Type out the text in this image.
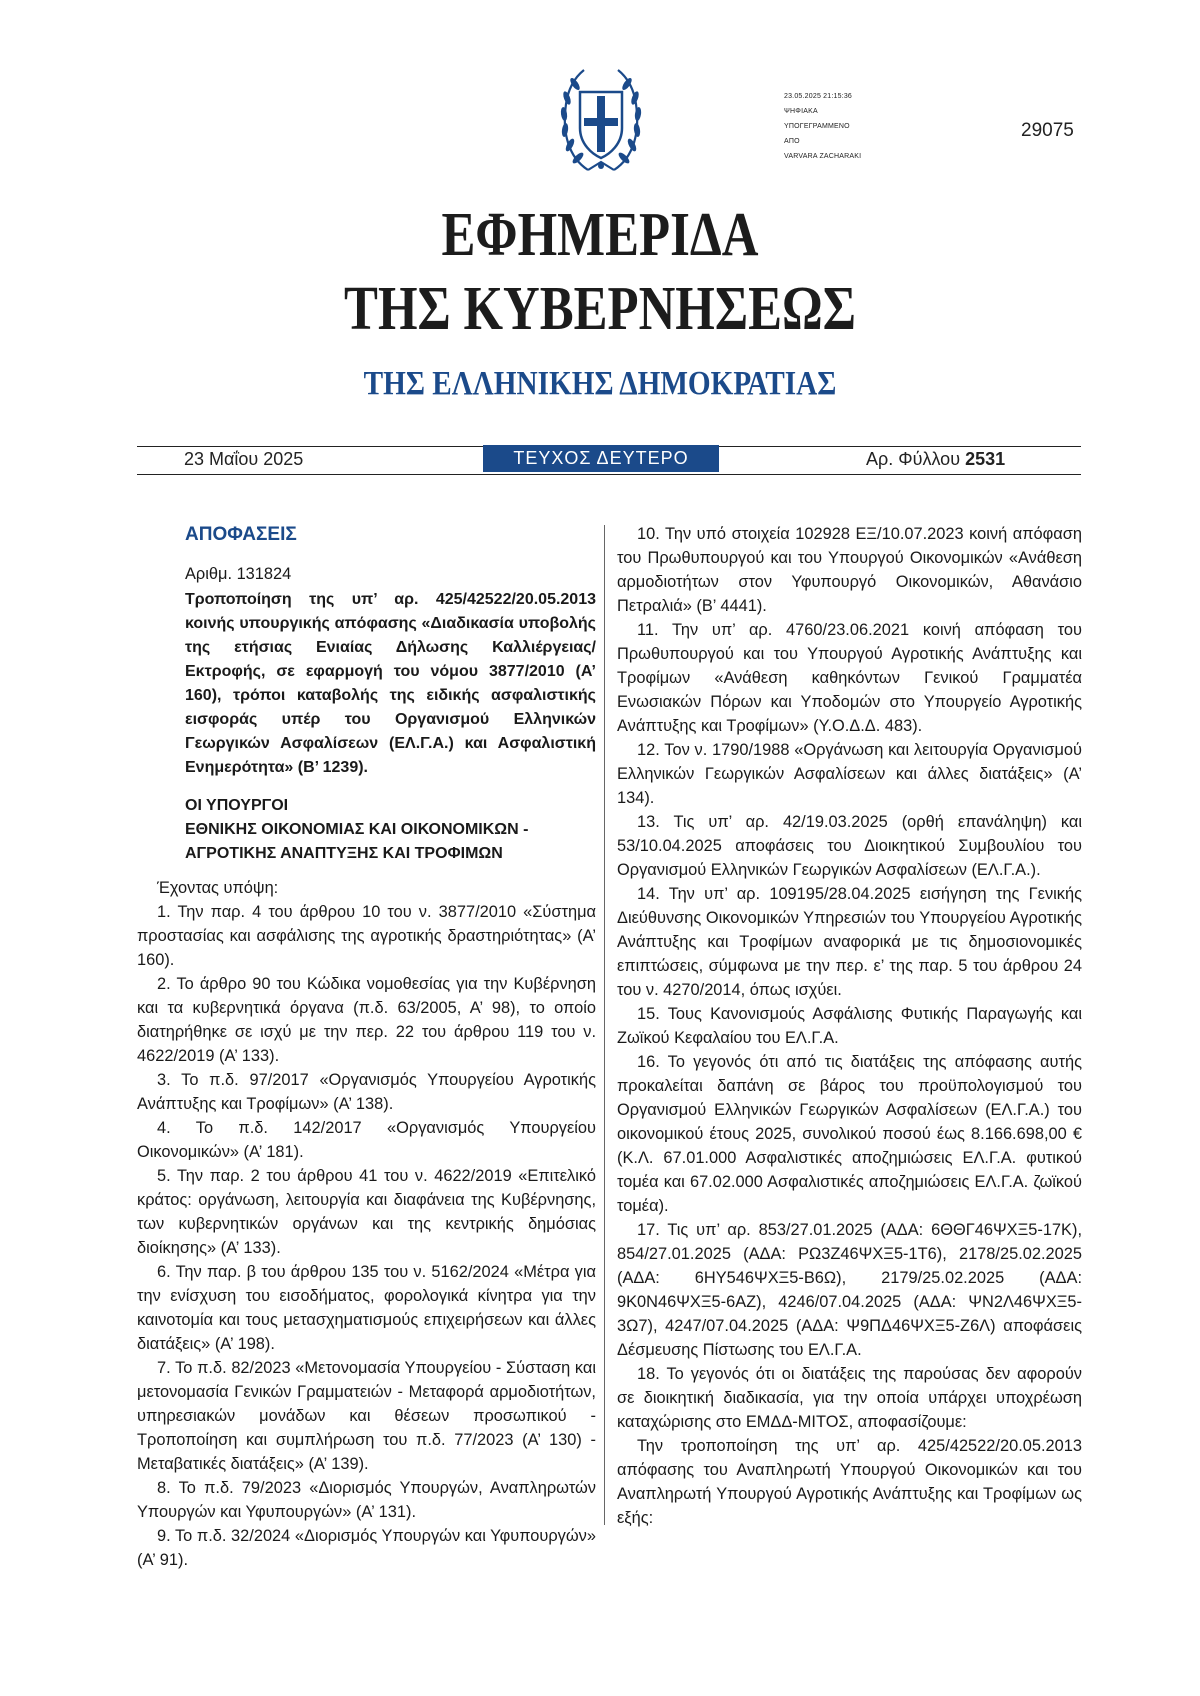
23.05.2025 21:15:36
ΨΗΦΙΑΚΑ
ΥΠΟΓΕΓΡΑΜΜΕΝΟ
ΑΠΟ
VARVARA ZACHARAKI
29075
ΕΦΗΜΕΡΙΔΑ
ΤΗΣ ΚΥΒΕΡΝΗΣΕΩΣ
ΤΗΣ ΕΛΛΗΝΙΚΗΣ ΔΗΜΟΚΡΑΤΙΑΣ
23 Μαΐου 2025	ΤΕΥΧΟΣ ΔΕΥΤΕΡΟ	Αρ. Φύλλου 2531
ΑΠΟΦΑΣΕΙΣ
Αριθμ. 131824
Τροποποίηση της υπ’ αρ. 425/42522/20.05.2013 κοινής υπουργικής απόφασης «Διαδικασία υποβολής της ετήσιας Ενιαίας Δήλωσης Καλλιέργειας/Εκτροφής, σε εφαρμογή του νόμου 3877/2010 (Α’ 160), τρόποι καταβολής της ειδικής ασφαλιστικής εισφοράς υπέρ του Οργανισμού Ελληνικών Γεωργικών Ασφαλίσεων (ΕΛ.Γ.Α.) και Ασφαλιστική Ενημερότητα» (Β’ 1239).
ΟΙ ΥΠΟΥΡΓΟΙ
ΕΘΝΙΚΗΣ ΟΙΚΟΝΟΜΙΑΣ ΚΑΙ ΟΙΚΟΝΟΜΙΚΩΝ -
ΑΓΡΟΤΙΚΗΣ ΑΝΑΠΤΥΞΗΣ ΚΑΙ ΤΡΟΦΙΜΩΝ

Έχοντας υπόψη:

1. Την παρ. 4 του άρθρου 10 του ν. 3877/2010 «Σύστημα προστασίας και ασφάλισης της αγροτικής δραστηριότητας» (Α’ 160).

2. Το άρθρο 90 του Κώδικα νομοθεσίας για την Κυβέρνηση και τα κυβερνητικά όργανα (π.δ. 63/2005, Α’ 98), το οποίο διατηρήθηκε σε ισχύ με την περ. 22 του άρθρου 119 του ν. 4622/2019 (Α’ 133).

3. Το π.δ. 97/2017 «Οργανισμός Υπουργείου Αγροτικής Ανάπτυξης και Τροφίμων» (Α’ 138).

4. Το π.δ. 142/2017 «Οργανισμός Υπουργείου Οικονομικών» (Α’ 181).

5. Την παρ. 2 του άρθρου 41 του ν. 4622/2019 «Επιτελικό κράτος: οργάνωση, λειτουργία και διαφάνεια της Κυβέρνησης, των κυβερνητικών οργάνων και της κεντρικής δημόσιας διοίκησης» (Α’ 133).

6. Την παρ. β του άρθρου 135 του ν. 5162/2024 «Μέτρα για την ενίσχυση του εισοδήματος, φορολογικά κίνητρα για την καινοτομία και τους μετασχηματισμούς επιχειρήσεων και άλλες διατάξεις» (Α’ 198).

7. Το π.δ. 82/2023 «Μετονομασία Υπουργείου - Σύσταση και μετονομασία Γενικών Γραμματειών - Μεταφορά αρμοδιοτήτων, υπηρεσιακών μονάδων και θέσεων προσωπικού - Τροποποίηση και συμπλήρωση του π.δ. 77/2023 (Α’ 130) - Μεταβατικές διατάξεις» (Α’ 139).

8. Το π.δ. 79/2023 «Διορισμός Υπουργών, Αναπληρωτών Υπουργών και Υφυπουργών» (Α’ 131).

9. Το π.δ. 32/2024 «Διορισμός Υπουργών και Υφυπουργών» (Α’ 91).

10. Την υπό στοιχεία 102928 ΕΞ/10.07.2023 κοινή απόφαση του Πρωθυπουργού και του Υπουργού Οικονομικών «Ανάθεση αρμοδιοτήτων στον Υφυπουργό Οικονομικών, Αθανάσιο Πετραλιά» (Β’ 4441).

11. Την υπ’ αρ. 4760/23.06.2021 κοινή απόφαση του Πρωθυπουργού και του Υπουργού Αγροτικής Ανάπτυξης και Τροφίμων «Ανάθεση καθηκόντων Γενικού Γραμματέα Ενωσιακών Πόρων και Υποδομών στο Υπουργείο Αγροτικής Ανάπτυξης και Τροφίμων» (Υ.Ο.Δ.Δ. 483).

12. Τον ν. 1790/1988 «Οργάνωση και λειτουργία Οργανισμού Ελληνικών Γεωργικών Ασφαλίσεων και άλλες διατάξεις» (Α’ 134).

13. Τις υπ’ αρ. 42/19.03.2025 (ορθή επανάληψη) και 53/10.04.2025 αποφάσεις του Διοικητικού Συμβουλίου του Οργανισμού Ελληνικών Γεωργικών Ασφαλίσεων (ΕΛ.Γ.Α.).

14. Την υπ’ αρ. 109195/28.04.2025 εισήγηση της Γενικής Διεύθυνσης Οικονομικών Υπηρεσιών του Υπουργείου Αγροτικής Ανάπτυξης και Τροφίμων αναφορικά με τις δημοσιονομικές επιπτώσεις, σύμφωνα με την περ. ε’ της παρ. 5 του άρθρου 24 του ν. 4270/2014, όπως ισχύει.

15. Τους Κανονισμούς Ασφάλισης Φυτικής Παραγωγής και Ζωϊκού Κεφαλαίου του ΕΛ.Γ.Α.

16. Το γεγονός ότι από τις διατάξεις της απόφασης αυτής προκαλείται δαπάνη σε βάρος του προϋπολογισμού του Οργανισμού Ελληνικών Γεωργικών Ασφαλίσεων (ΕΛ.Γ.Α.) του οικονομικού έτους 2025, συνολικού ποσού έως 8.166.698,00 € (Κ.Λ. 67.01.000 Ασφαλιστικές αποζημιώσεις ΕΛ.Γ.Α. φυτικού τομέα και 67.02.000 Ασφαλιστικές αποζημιώσεις ΕΛ.Γ.Α. ζωϊκού τομέα).

17. Τις υπ’ αρ. 853/27.01.2025 (ΑΔΑ: 6ΘΘΓ46ΨΧΞ5-17Κ), 854/27.01.2025 (ΑΔΑ: ΡΩ3Ζ46ΨΧΞ5-1Τ6), 2178/25.02.2025 (ΑΔΑ: 6ΗΥ546ΨΧΞ5-Β6Ω), 2179/25.02.2025 (ΑΔΑ: 9Κ0Ν46ΨΧΞ5-6ΑΖ), 4246/07.04.2025 (ΑΔΑ: ΨΝ2Λ46ΨΧΞ5-3Ω7), 4247/07.04.2025 (ΑΔΑ: Ψ9ΠΔ46ΨΧΞ5-Ζ6Λ) αποφάσεις Δέσμευσης Πίστωσης του ΕΛ.Γ.Α.

18. Το γεγονός ότι οι διατάξεις της παρούσας δεν αφορούν σε διοικητική διαδικασία, για την οποία υπάρχει υποχρέωση καταχώρισης στο ΕΜΔΔ-ΜΙΤΟΣ, αποφασίζουμε:

Την τροποποίηση της υπ’ αρ. 425/42522/20.05.2013 απόφασης του Αναπληρωτή Υπουργού Οικονομικών και του Αναπληρωτή Υπουργού Αγροτικής Ανάπτυξης και Τροφίμων ως εξής:
